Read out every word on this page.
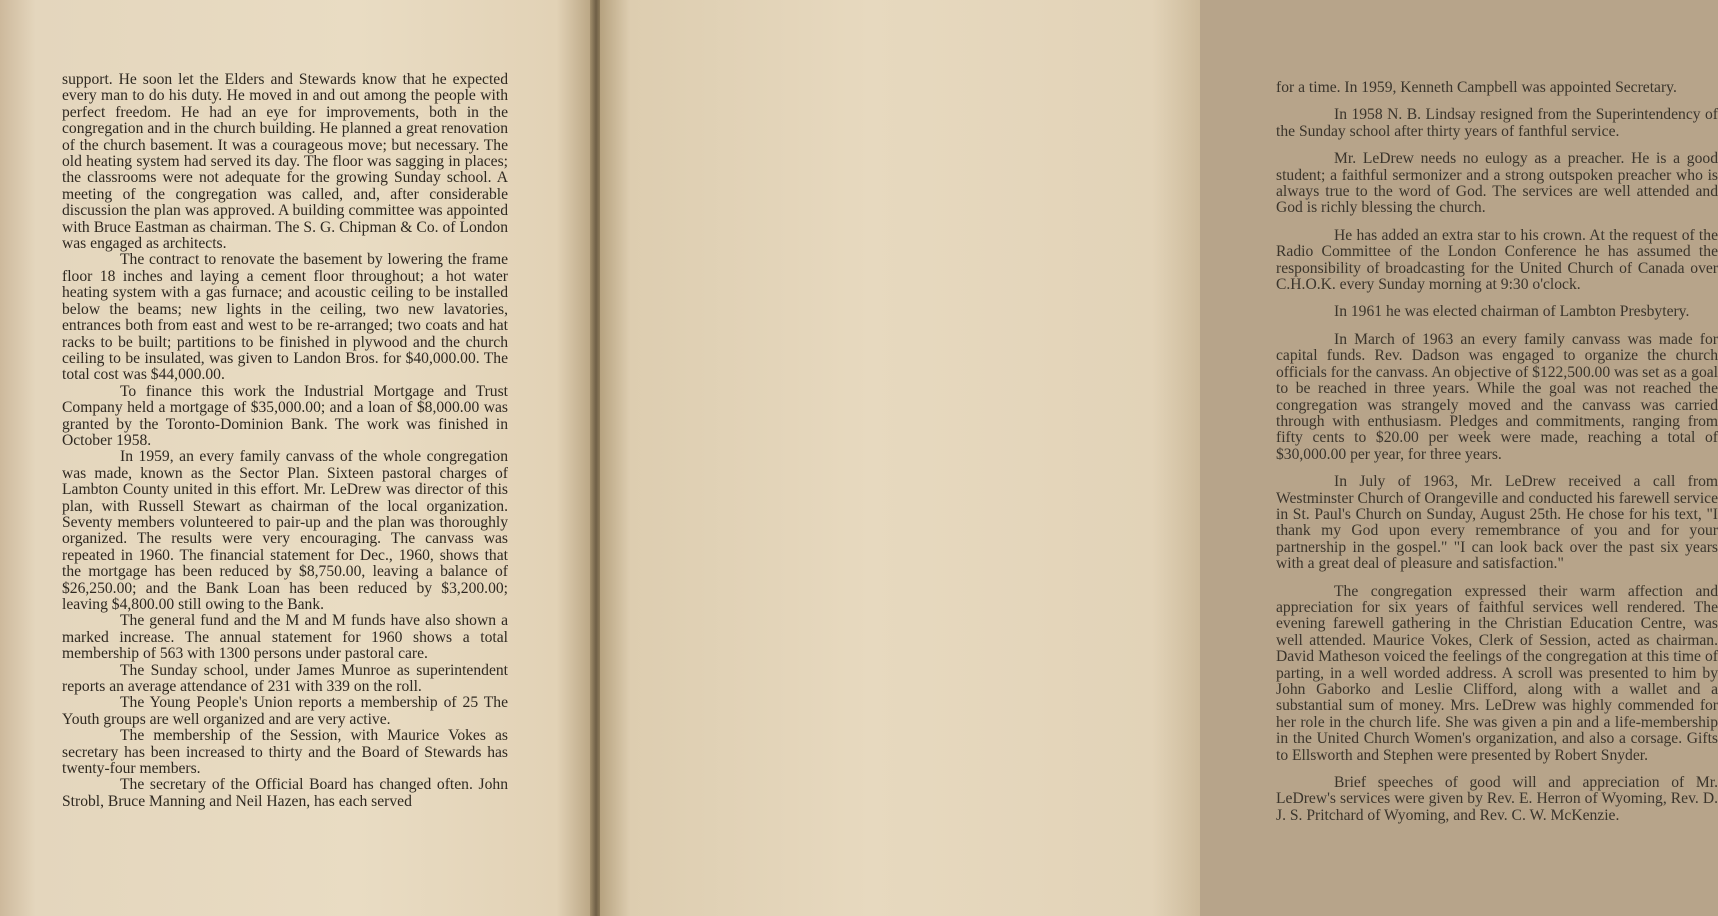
support. He soon let the Elders and Stewards know that he expected every man to do his duty. He moved in and out among the people with perfect freedom. He had an eye for improvements, both in the congregation and in the church building. He planned a great renovation of the church basement. It was a courageous move; but necessary. The old heating system had served its day. The floor was sagging in places; the classrooms were not adequate for the growing Sunday school. A meeting of the congregation was called, and, after considerable discussion the plan was approved. A building committee was appointed with Bruce Eastman as chairman. The S. G. Chipman & Co. of London was engaged as architects.

The contract to renovate the basement by lowering the frame floor 18 inches and laying a cement floor throughout; a hot water heating system with a gas furnace; and acoustic ceiling to be installed below the beams; new lights in the ceiling, two new lavatories, entrances both from east and west to be re-arranged; two coats and hat racks to be built; partitions to be finished in plywood and the church ceiling to be insulated, was given to Landon Bros. for $40,000.00. The total cost was $44,000.00.

To finance this work the Industrial Mortgage and Trust Company held a mortgage of $35,000.00; and a loan of $8,000.00 was granted by the Toronto-Dominion Bank. The work was finished in October 1958.

In 1959, an every family canvass of the whole congregation was made, known as the Sector Plan. Sixteen pastoral charges of Lambton County united in this effort. Mr. LeDrew was director of this plan, with Russell Stewart as chairman of the local organization. Seventy members volunteered to pair-up and the plan was thoroughly organized. The results were very encouraging. The canvass was repeated in 1960. The financial statement for Dec., 1960, shows that the mortgage has been reduced by $8,750.00, leaving a balance of $26,250.00; and the Bank Loan has been reduced by $3,200.00; leaving $4,800.00 still owing to the Bank.

The general fund and the M and M funds have also shown a marked increase. The annual statement for 1960 shows a total membership of 563 with 1300 persons under pastoral care.

The Sunday school, under James Munroe as superintendent reports an average attendance of 231 with 339 on the roll.

The Young People's Union reports a membership of 25 The Youth groups are well organized and are very active.

The membership of the Session, with Maurice Vokes as secretary has been increased to thirty and the Board of Stewards has twenty-four members.

The secretary of the Official Board has changed often. John Strobl, Bruce Manning and Neil Hazen, has each served

for a time. In 1959, Kenneth Campbell was appointed Secretary.

In 1958 N. B. Lindsay resigned from the Superintendency of the Sunday school after thirty years of fanthful service.

Mr. LeDrew needs no eulogy as a preacher. He is a good student; a faithful sermonizer and a strong outspoken preacher who is always true to the word of God. The services are well attended and God is richly blessing the church.

He has added an extra star to his crown. At the request of the Radio Committee of the London Conference he has assumed the responsibility of broadcasting for the United Church of Canada over C.H.O.K. every Sunday morning at 9:30 o'clock.

In 1961 he was elected chairman of Lambton Presbytery.

In March of 1963 an every family canvass was made for capital funds. Rev. Dadson was engaged to organize the church officials for the canvass. An objective of $122,500.00 was set as a goal to be reached in three years. While the goal was not reached the congregation was strangely moved and the canvass was carried through with enthusiasm. Pledges and commitments, ranging from fifty cents to $20.00 per week were made, reaching a total of $30,000.00 per year, for three years.

In July of 1963, Mr. LeDrew received a call from Westminster Church of Orangeville and conducted his farewell service in St. Paul's Church on Sunday, August 25th. He chose for his text, "I thank my God upon every remembrance of you and for your partnership in the gospel." "I can look back over the past six years with a great deal of pleasure and satisfaction."

The congregation expressed their warm affection and appreciation for six years of faithful services well rendered. The evening farewell gathering in the Christian Education Centre, was well attended. Maurice Vokes, Clerk of Session, acted as chairman. David Matheson voiced the feelings of the congregation at this time of parting, in a well worded address. A scroll was presented to him by John Gaborko and Leslie Clifford, along with a wallet and a substantial sum of money. Mrs. LeDrew was highly commended for her role in the church life. She was given a pin and a life-membership in the United Church Women's organization, and also a corsage. Gifts to Ellsworth and Stephen were presented by Robert Snyder.

Brief speeches of good will and appreciation of Mr. LeDrew's services were given by Rev. E. Herron of Wyoming, Rev. D. J. S. Pritchard of Wyoming, and Rev. C. W. McKenzie.
